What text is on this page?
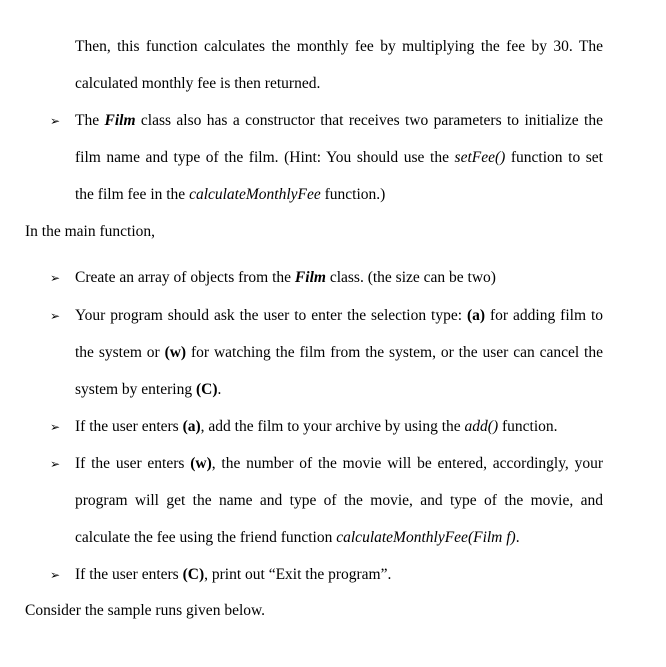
Then, this function calculates the monthly fee by multiplying the fee by 30. The
calculated monthly fee is then returned.
➢ The Film class also has a constructor that receives two parameters to initialize the
film name and type of the film. (Hint: You should use the setFee() function to set
the film fee in the calculateMonthlyFee function.)
In the main function,
➢ Create an array of objects from the Film class. (the size can be two)
➢ Your program should ask the user to enter the selection type: (a) for adding film to
the system or (w) for watching the film from the system, or the user can cancel the
system by entering (C).
➢ If the user enters (a), add the film to your archive by using the add() function.
➢ If the user enters (w), the number of the movie will be entered, accordingly, your
program will get the name and type of the movie, and type of the movie, and
calculate the fee using the friend function calculateMonthlyFee(Film f).
➢ If the user enters (C), print out “Exit the program”.
Consider the sample runs given below.
